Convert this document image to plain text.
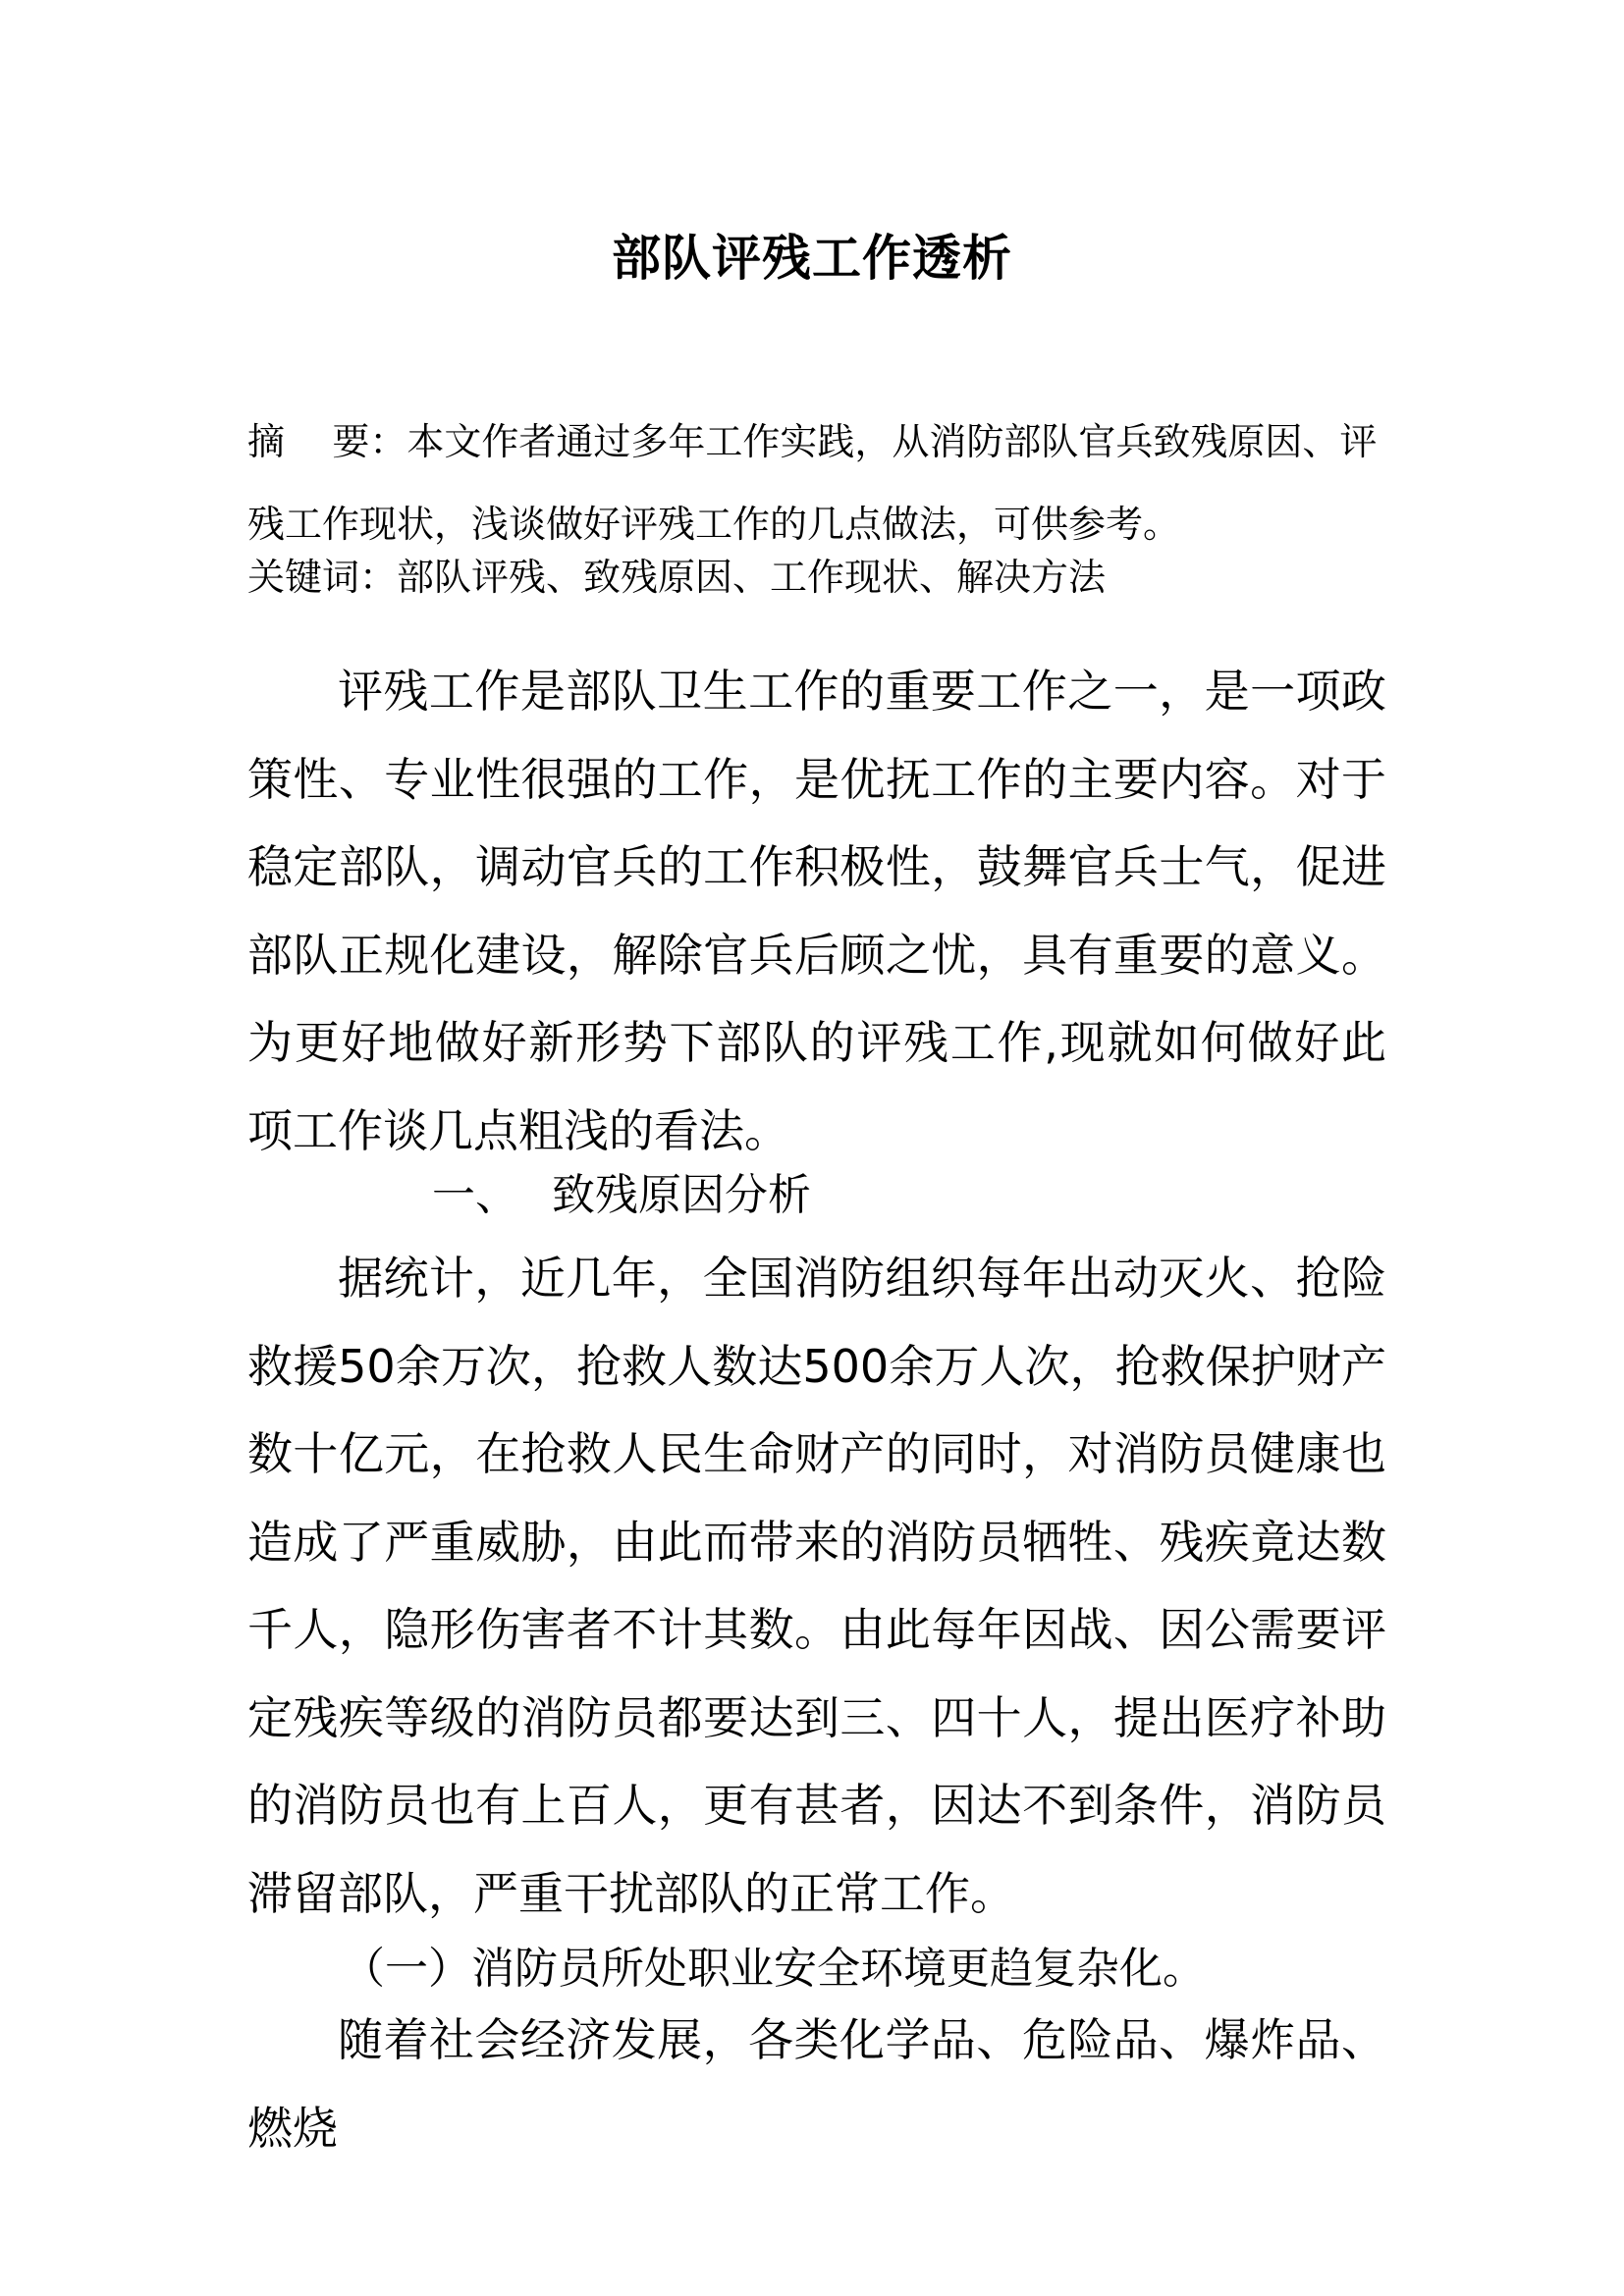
部队评残工作透析

摘    要：本文作者通过多年工作实践，从消防部队官兵致残原因、评残工作现状，浅谈做好评残工作的几点做法，可供参考。

关键词：部队评残、致残原因、工作现状、解决方法

评残工作是部队卫生工作的重要工作之一，是一项政策性、专业性很强的工作，是优抚工作的主要内容。对于稳定部队，调动官兵的工作积极性，鼓舞官兵士气，促进部队正规化建设，解除官兵后顾之忧，具有重要的意义。为更好地做好新形势下部队的评残工作,现就如何做好此项工作谈几点粗浅的看法。

一、 致残原因分析

据统计，近几年，全国消防组织每年出动灭火、抢险救援50余万次，抢救人数达500余万人次，抢救保护财产数十亿元，在抢救人民生命财产的同时，对消防员健康也造成了严重威胁，由此而带来的消防员牺牲、残疾竟达数千人，隐形伤害者不计其数。由此每年因战、因公需要评定残疾等级的消防员都要达到三、四十人，提出医疗补助的消防员也有上百人，更有甚者，因达不到条件，消防员滞留部队，严重干扰部队的正常工作。

（一）消防员所处职业安全环境更趋复杂化。

随着社会经济发展，各类化学品、危险品、爆炸品、燃烧
